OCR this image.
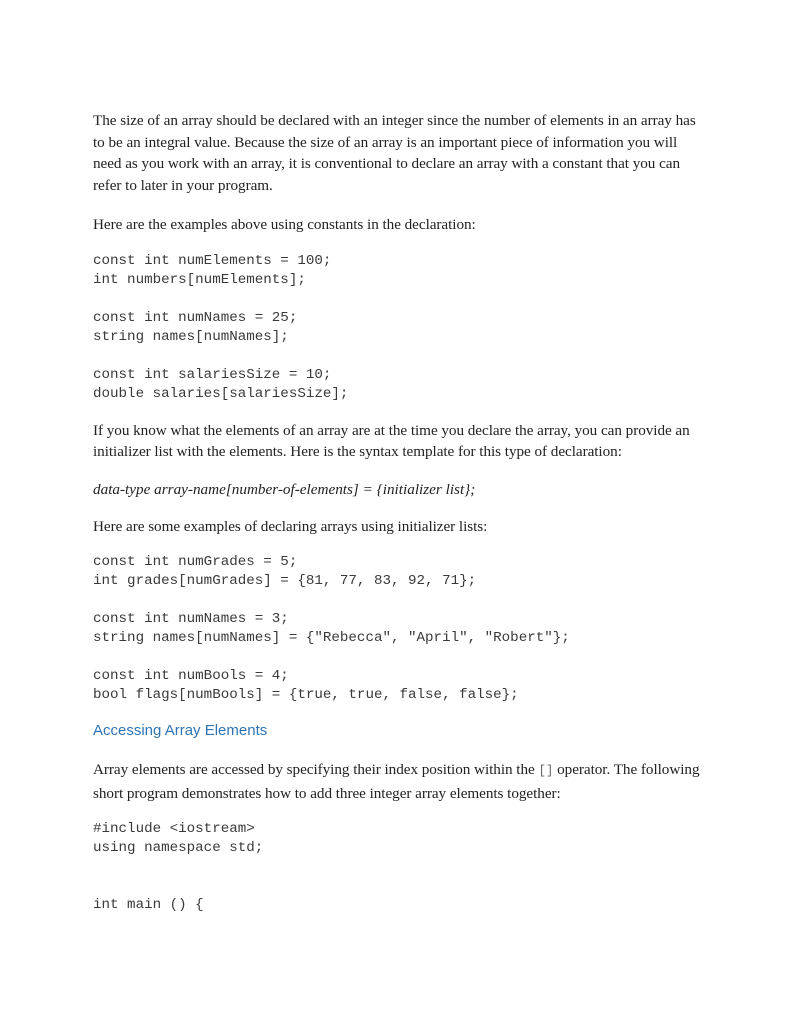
The size of an array should be declared with an integer since the number of elements in an array has to be an integral value. Because the size of an array is an important piece of information you will need as you work with an array, it is conventional to declare an array with a constant that you can refer to later in your program.

Here are the examples above using constants in the declaration:

const int numElements = 100;

int numbers[numElements];

const int numNames = 25;

string names[numNames];

const int salariesSize = 10;

double salaries[salariesSize];

If you know what the elements of an array are at the time you declare the array, you can provide an initializer list with the elements. Here is the syntax template for this type of declaration:

data-type array-name[number-of-elements] = {initializer list};

Here are some examples of declaring arrays using initializer lists:

const int numGrades = 5;

int grades[numGrades] = {81, 77, 83, 92, 71};

const int numNames = 3;

string names[numNames] = {"Rebecca", "April", "Robert"};

const int numBools = 4;

bool flags[numBools] = {true, true, false, false};

Accessing Array Elements

Array elements are accessed by specifying their index position within the [] operator. The following short program demonstrates how to add three integer array elements together:

#include <iostream>

using namespace std;

int main () {
